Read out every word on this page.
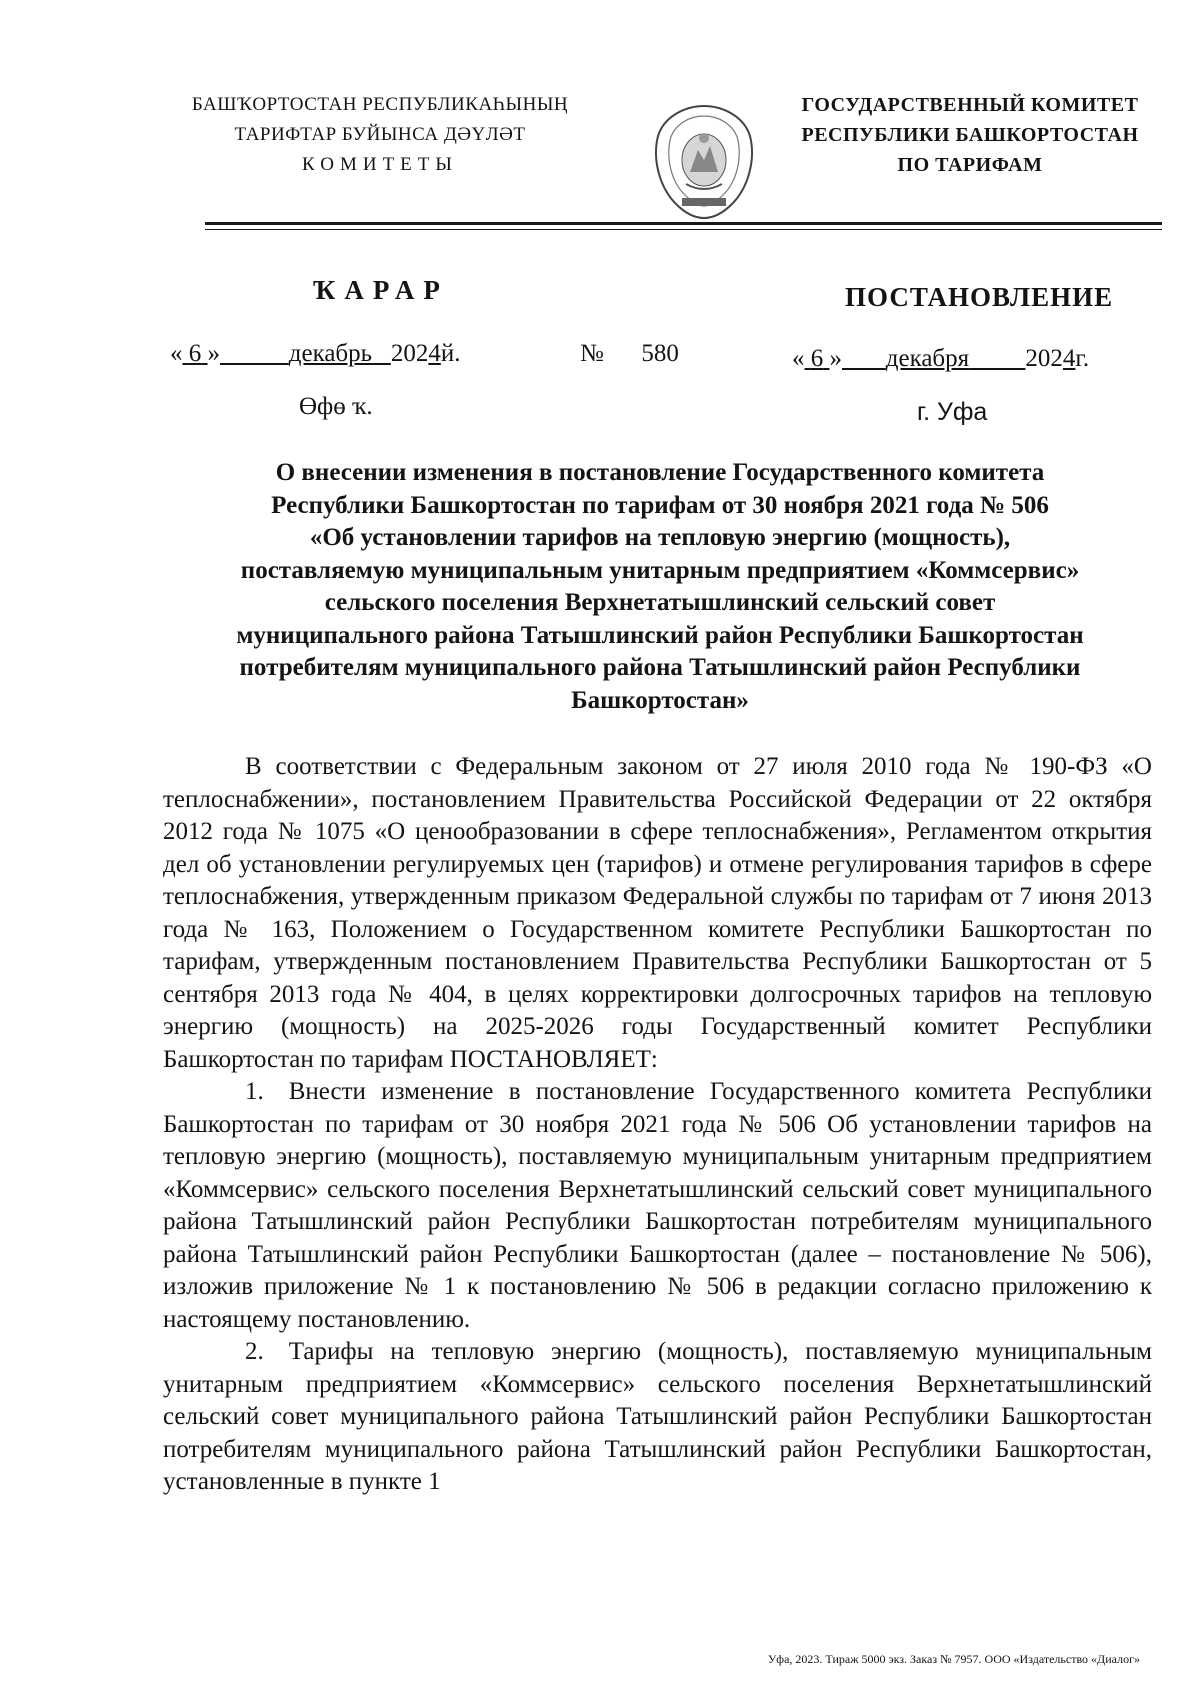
БАШҠОРТОСТАН РЕСПУБЛИКАҺЫНЫҢ
ТАРИФТАР БУЙЫНСА ДӘҮЛӘТ
КОМИТЕТЫ
ГОСУДАРСТВЕННЫЙ КОМИТЕТ
РЕСПУБЛИКИ БАШКОРТОСТАН
ПО ТАРИФАМ
ҠАРАР	ПОСТАНОВЛЕНИЕ
« 6 »	декабрь 2024й.	№ 580	« 6 » декабря 2024г.
Өфө ҡ.	г. Уфа
О внесении изменения в постановление Государственного комитета
Республики Башкортостан по тарифам от 30 ноября 2021 года № 506
«Об установлении тарифов на тепловую энергию (мощность),
поставляемую муниципальным унитарным предприятием «Коммсервис»
сельского поселения Верхнетатышлинский сельский совет
муниципального района Татышлинский район Республики Башкортостан
потребителям муниципального района Татышлинский район Республики
Башкортостан»

В соответствии с Федеральным законом от 27 июля 2010 года № 190-ФЗ «О теплоснабжении», постановлением Правительства Российской Федерации от 22 октября 2012 года № 1075 «О ценообразовании в сфере теплоснабжения», Регламентом открытия дел об установлении регулируемых цен (тарифов) и отмене регулирования тарифов в сфере теплоснабжения, утвержденным приказом Федеральной службы по тарифам от 7 июня 2013 года № 163, Положением о Государственном комитете Республики Башкортостан по тарифам, утвержденным постановлением Правительства Республики Башкортостан от 5 сентября 2013 года № 404, в целях корректировки долгосрочных тарифов на тепловую энергию (мощность) на 2025-2026 годы Государственный комитет Республики Башкортостан по тарифам ПОСТАНОВЛЯЕТ:

1. Внести изменение в постановление Государственного комитета Республики Башкортостан по тарифам от 30 ноября 2021 года № 506 Об установлении тарифов на тепловую энергию (мощность), поставляемую муниципальным унитарным предприятием «Коммсервис» сельского поселения Верхнетатышлинский сельский совет муниципального района Татышлинский район Республики Башкортостан потребителям муниципального района Татышлинский район Республики Башкортостан (далее – постановление № 506), изложив приложение № 1 к постановлению № 506 в редакции согласно приложению к настоящему постановлению.

2. Тарифы на тепловую энергию (мощность), поставляемую муниципальным унитарным предприятием «Коммсервис» сельского поселения Верхнетатышлинский сельский совет муниципального района Татышлинский район Республики Башкортостан потребителям муниципального района Татышлинский район Республики Башкортостан, установленные в пункте 1

Уфа, 2023. Тираж 5000 экз. Заказ № 7957. ООО «Издательство «Диалог»
